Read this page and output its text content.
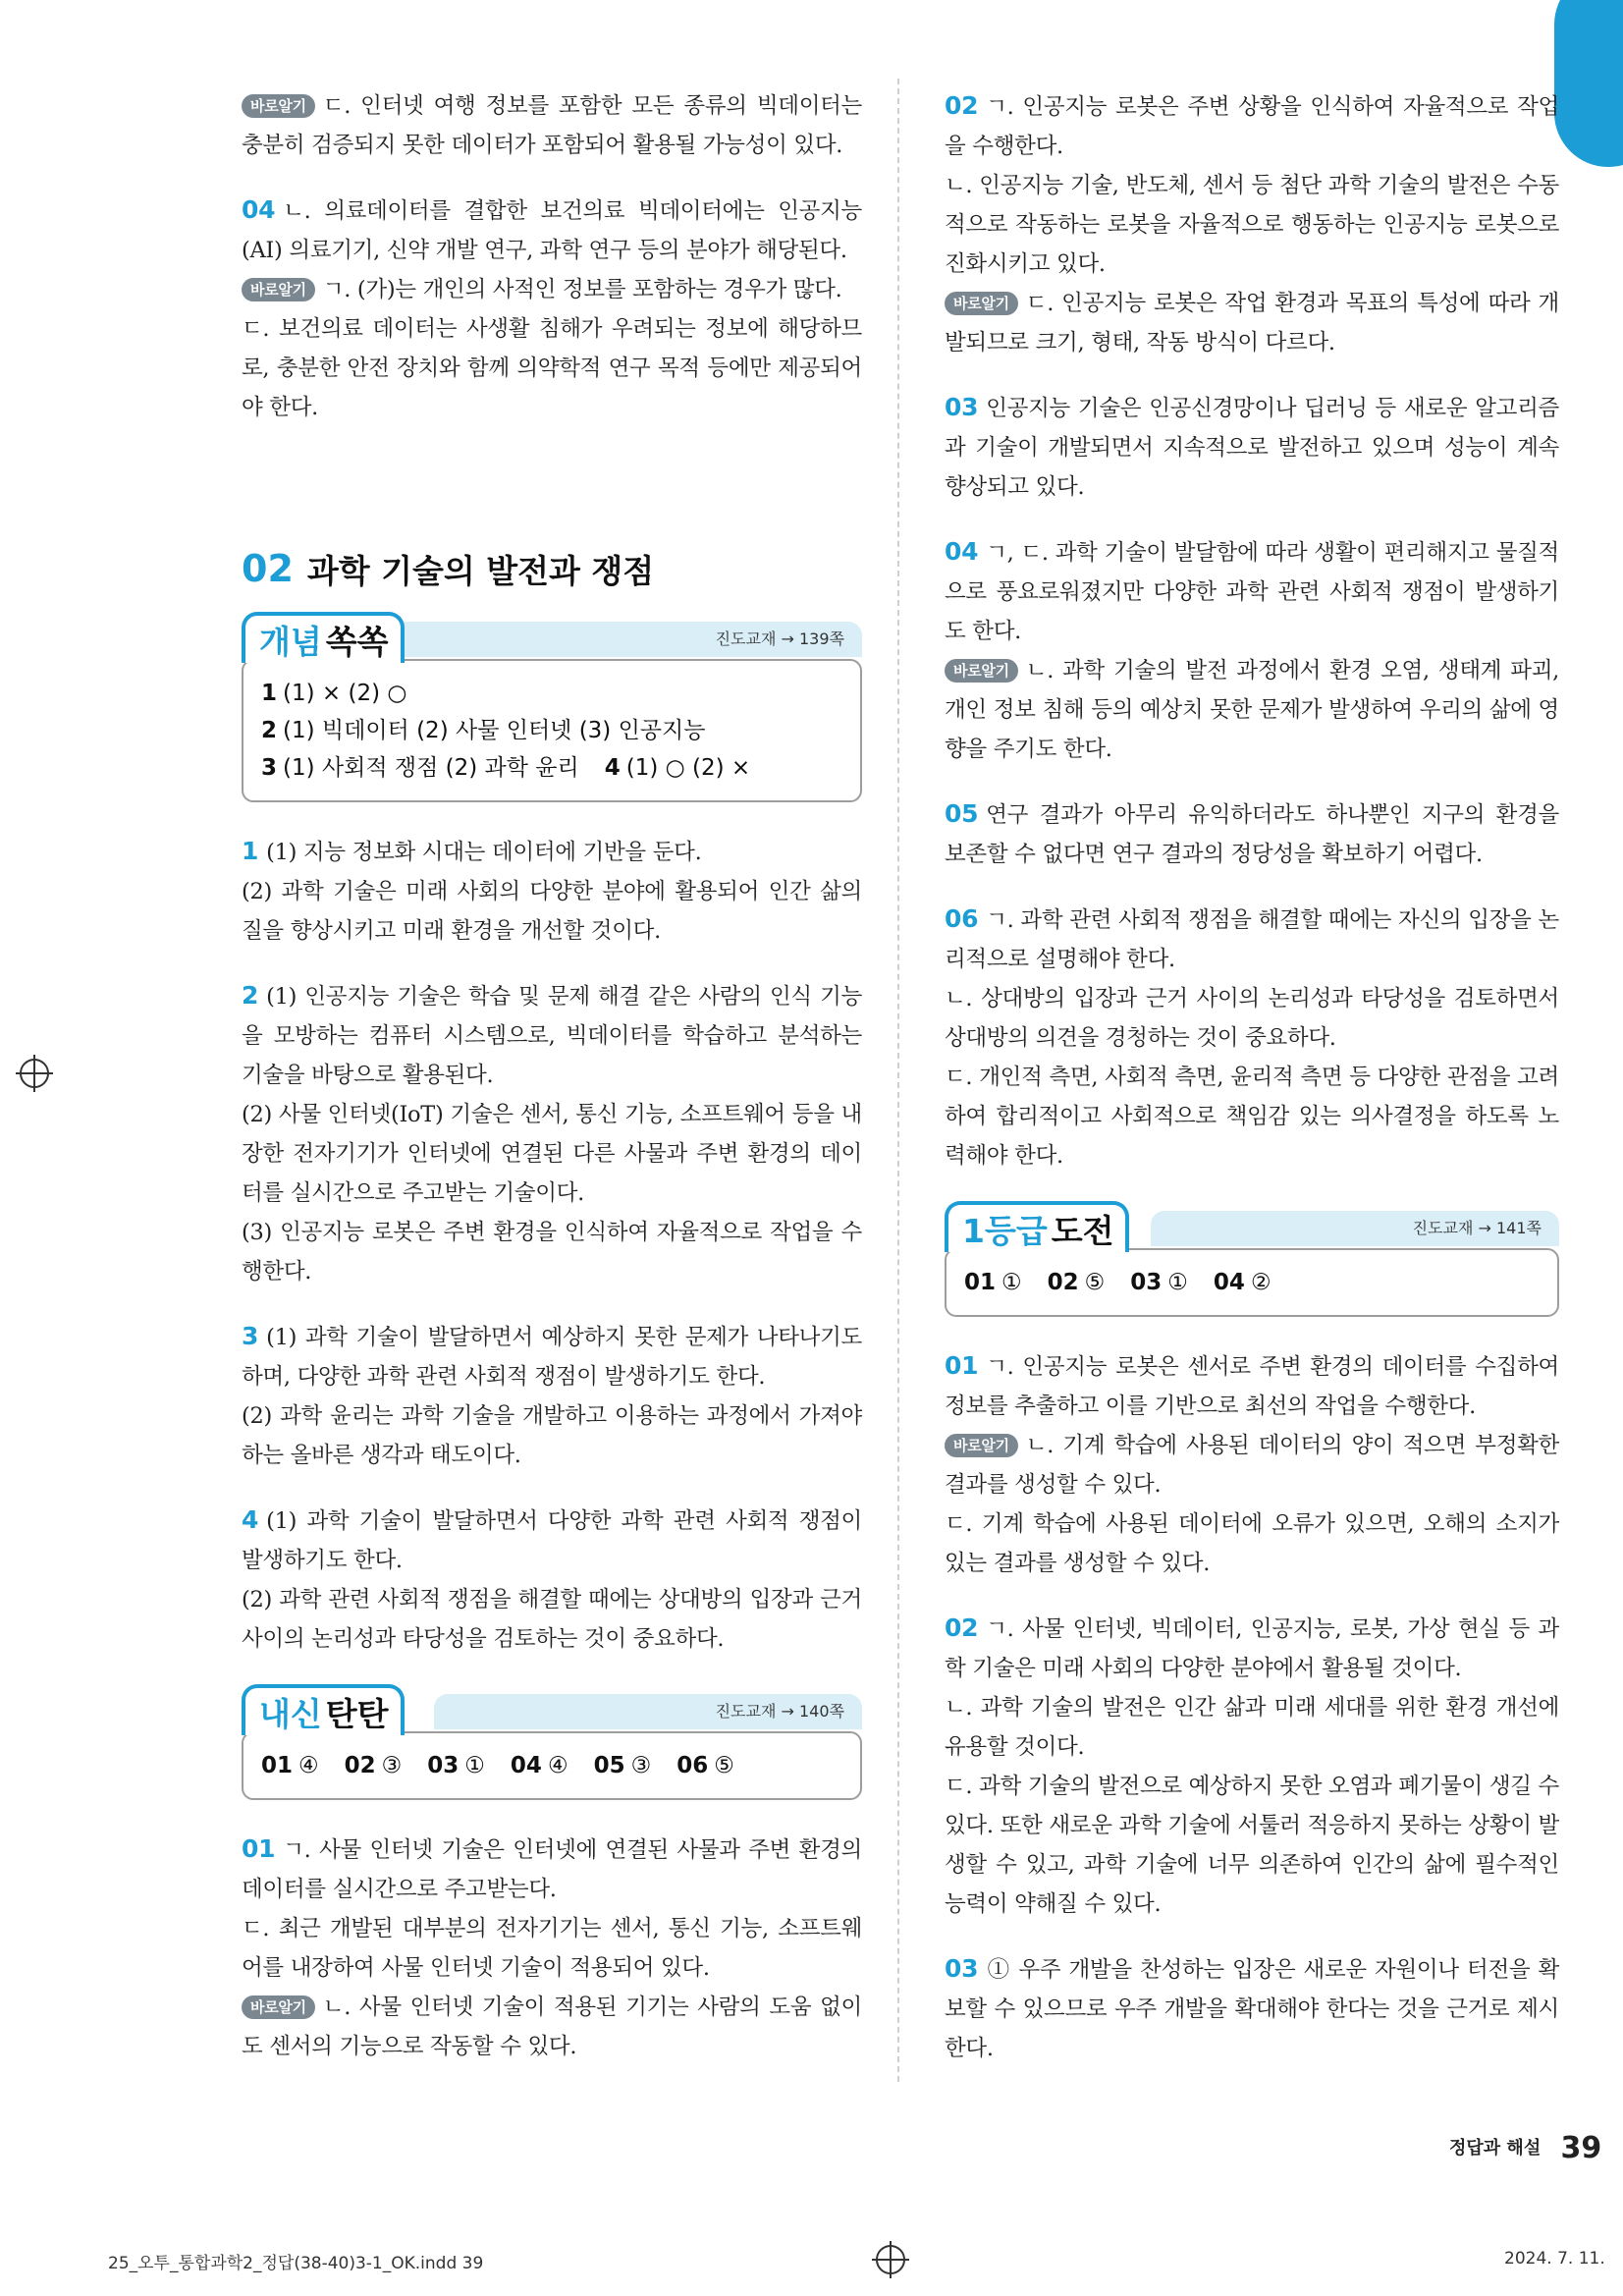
바로알기 ㄷ. 인터넷 여행 정보를 포함한 모든 종류의 빅데이터는 충분히 검증되지 못한 데이터가 포함되어 활용될 가능성이 있다.

04 ㄴ. 의료데이터를 결합한 보건의료 빅데이터에는 인공지능(AI) 의료기기, 신약 개발 연구, 과학 연구 등의 분야가 해당된다.

바로알기 ㄱ. (가)는 개인의 사적인 정보를 포함하는 경우가 많다.

ㄷ. 보건의료 데이터는 사생활 침해가 우려되는 정보에 해당하므로, 충분한 안전 장치와 함께 의약학적 연구 목적 등에만 제공되어야 한다.

02 과학 기술의 발전과 쟁점
진도교재 → 139쪽
개념 쏙쏙
1 (1) × (2) ○2 (1) 빅데이터 (2) 사물 인터넷 (3) 인공지능
3 (1) 사회적 쟁점 (2) 과학 윤리 4 (1) ○ (2) ×

1 (1) 지능 정보화 시대는 데이터에 기반을 둔다.

(2) 과학 기술은 미래 사회의 다양한 분야에 활용되어 인간 삶의 질을 향상시키고 미래 환경을 개선할 것이다.

2 (1) 인공지능 기술은 학습 및 문제 해결 같은 사람의 인식 기능을 모방하는 컴퓨터 시스템으로, 빅데이터를 학습하고 분석하는 기술을 바탕으로 활용된다.

(2) 사물 인터넷(IoT) 기술은 센서, 통신 기능, 소프트웨어 등을 내장한 전자기기가 인터넷에 연결된 다른 사물과 주변 환경의 데이터를 실시간으로 주고받는 기술이다.

(3) 인공지능 로봇은 주변 환경을 인식하여 자율적으로 작업을 수행한다.

3 (1) 과학 기술이 발달하면서 예상하지 못한 문제가 나타나기도 하며, 다양한 과학 관련 사회적 쟁점이 발생하기도 한다.

(2) 과학 윤리는 과학 기술을 개발하고 이용하는 과정에서 가져야 하는 올바른 생각과 태도이다.

4 (1) 과학 기술이 발달하면서 다양한 과학 관련 사회적 쟁점이 발생하기도 한다.

(2) 과학 관련 사회적 쟁점을 해결할 때에는 상대방의 입장과 근거 사이의 논리성과 타당성을 검토하는 것이 중요하다.

진도교재 → 140쪽
내신 탄탄
01 ④ 02 ③ 03 ① 04 ④ 05 ③ 06 ⑤

01 ㄱ. 사물 인터넷 기술은 인터넷에 연결된 사물과 주변 환경의 데이터를 실시간으로 주고받는다.

ㄷ. 최근 개발된 대부분의 전자기기는 센서, 통신 기능, 소프트웨어를 내장하여 사물 인터넷 기술이 적용되어 있다.

바로알기 ㄴ. 사물 인터넷 기술이 적용된 기기는 사람의 도움 없이도 센서의 기능으로 작동할 수 있다.

02 ㄱ. 인공지능 로봇은 주변 상황을 인식하여 자율적으로 작업을 수행한다.

ㄴ. 인공지능 기술, 반도체, 센서 등 첨단 과학 기술의 발전은 수동적으로 작동하는 로봇을 자율적으로 행동하는 인공지능 로봇으로 진화시키고 있다.

바로알기 ㄷ. 인공지능 로봇은 작업 환경과 목표의 특성에 따라 개발되므로 크기, 형태, 작동 방식이 다르다.

03 인공지능 기술은 인공신경망이나 딥러닝 등 새로운 알고리즘과 기술이 개발되면서 지속적으로 발전하고 있으며 성능이 계속 향상되고 있다.

04 ㄱ, ㄷ. 과학 기술이 발달함에 따라 생활이 편리해지고 물질적으로 풍요로워졌지만 다양한 과학 관련 사회적 쟁점이 발생하기도 한다.

바로알기 ㄴ. 과학 기술의 발전 과정에서 환경 오염, 생태계 파괴, 개인 정보 침해 등의 예상치 못한 문제가 발생하여 우리의 삶에 영향을 주기도 한다.

05 연구 결과가 아무리 유익하더라도 하나뿐인 지구의 환경을 보존할 수 없다면 연구 결과의 정당성을 확보하기 어렵다.

06 ㄱ. 과학 관련 사회적 쟁점을 해결할 때에는 자신의 입장을 논리적으로 설명해야 한다.

ㄴ. 상대방의 입장과 근거 사이의 논리성과 타당성을 검토하면서 상대방의 의견을 경청하는 것이 중요하다.

ㄷ. 개인적 측면, 사회적 측면, 윤리적 측면 등 다양한 관점을 고려하여 합리적이고 사회적으로 책임감 있는 의사결정을 하도록 노력해야 한다.

진도교재 → 141쪽
1등급 도전
01 ① 02 ⑤ 03 ① 04 ②

01 ㄱ. 인공지능 로봇은 센서로 주변 환경의 데이터를 수집하여 정보를 추출하고 이를 기반으로 최선의 작업을 수행한다.

바로알기 ㄴ. 기계 학습에 사용된 데이터의 양이 적으면 부정확한 결과를 생성할 수 있다.

ㄷ. 기계 학습에 사용된 데이터에 오류가 있으면, 오해의 소지가 있는 결과를 생성할 수 있다.

02 ㄱ. 사물 인터넷, 빅데이터, 인공지능, 로봇, 가상 현실 등 과학 기술은 미래 사회의 다양한 분야에서 활용될 것이다.

ㄴ. 과학 기술의 발전은 인간 삶과 미래 세대를 위한 환경 개선에 유용할 것이다.

ㄷ. 과학 기술의 발전으로 예상하지 못한 오염과 폐기물이 생길 수 있다. 또한 새로운 과학 기술에 서툴러 적응하지 못하는 상황이 발생할 수 있고, 과학 기술에 너무 의존하여 인간의 삶에 필수적인 능력이 약해질 수 있다.

03 ① 우주 개발을 찬성하는 입장은 새로운 자원이나 터전을 확보할 수 있으므로 우주 개발을 확대해야 한다는 것을 근거로 제시한다.

정답과 해설 39
25_오투_통합과학2_정답(38-40)3-1_OK.indd 39	2024. 7. 11.
